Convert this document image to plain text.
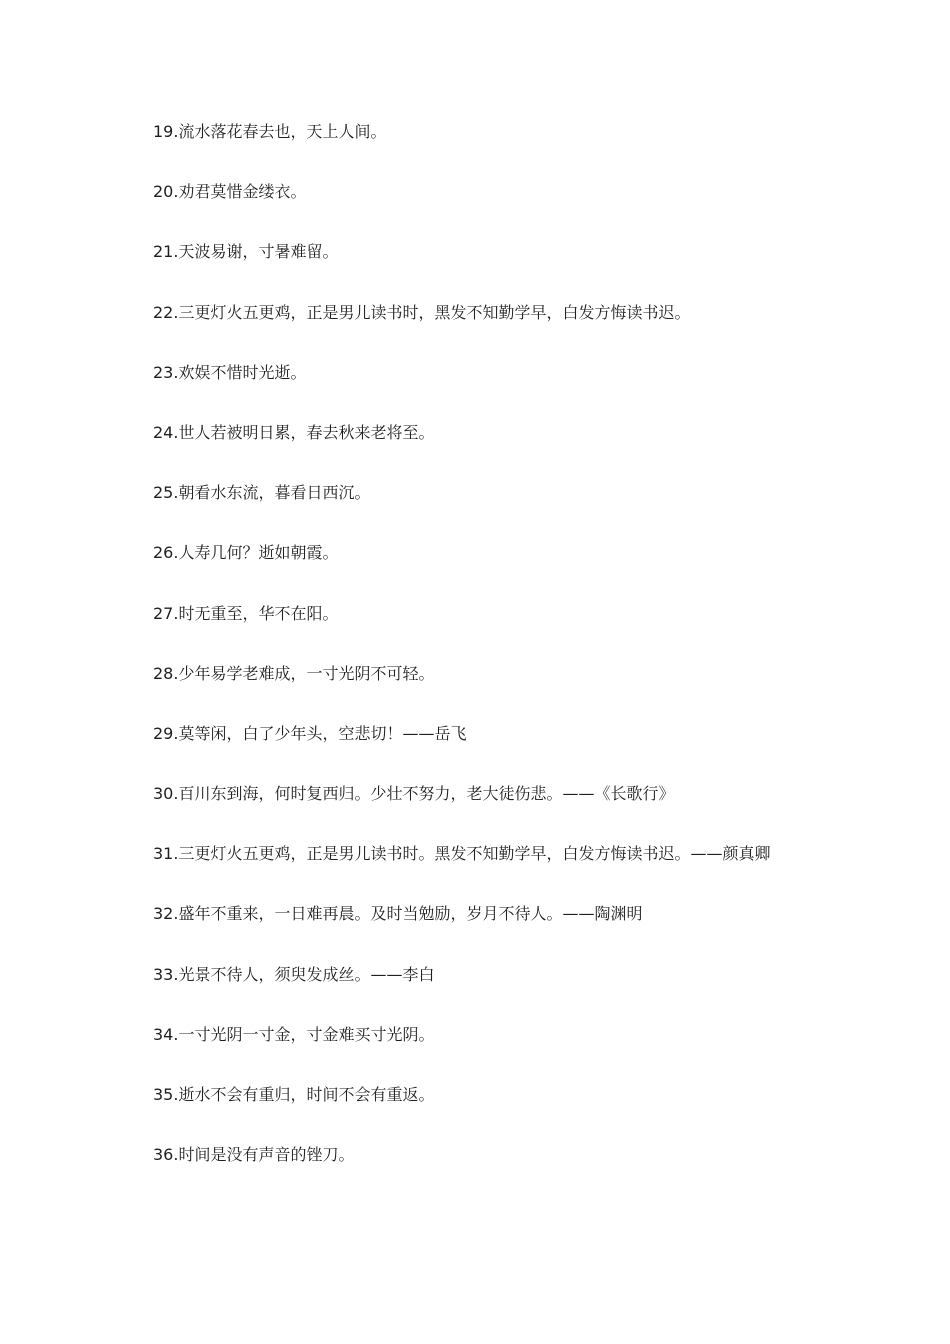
19.流水落花春去也，天上人间。
20.劝君莫惜金缕衣。
21.天波易谢，寸暑难留。
22.三更灯火五更鸡，正是男儿读书时，黑发不知勤学早，白发方悔读书迟。
23.欢娱不惜时光逝。
24.世人若被明日累，春去秋来老将至。
25.朝看水东流，暮看日西沉。
26.人寿几何？逝如朝霞。
27.时无重至，华不在阳。
28.少年易学老难成，一寸光阴不可轻。
29.莫等闲，白了少年头，空悲切！——岳飞
30.百川东到海，何时复西归。少壮不努力，老大徒伤悲。——《长歌行》
31.三更灯火五更鸡，正是男儿读书时。黑发不知勤学早，白发方悔读书迟。——颜真卿
32.盛年不重来，一日难再晨。及时当勉励，岁月不待人。——陶渊明
33.光景不待人，须臾发成丝。——李白
34.一寸光阴一寸金，寸金难买寸光阴。
35.逝水不会有重归，时间不会有重返。
36.时间是没有声音的锉刀。
